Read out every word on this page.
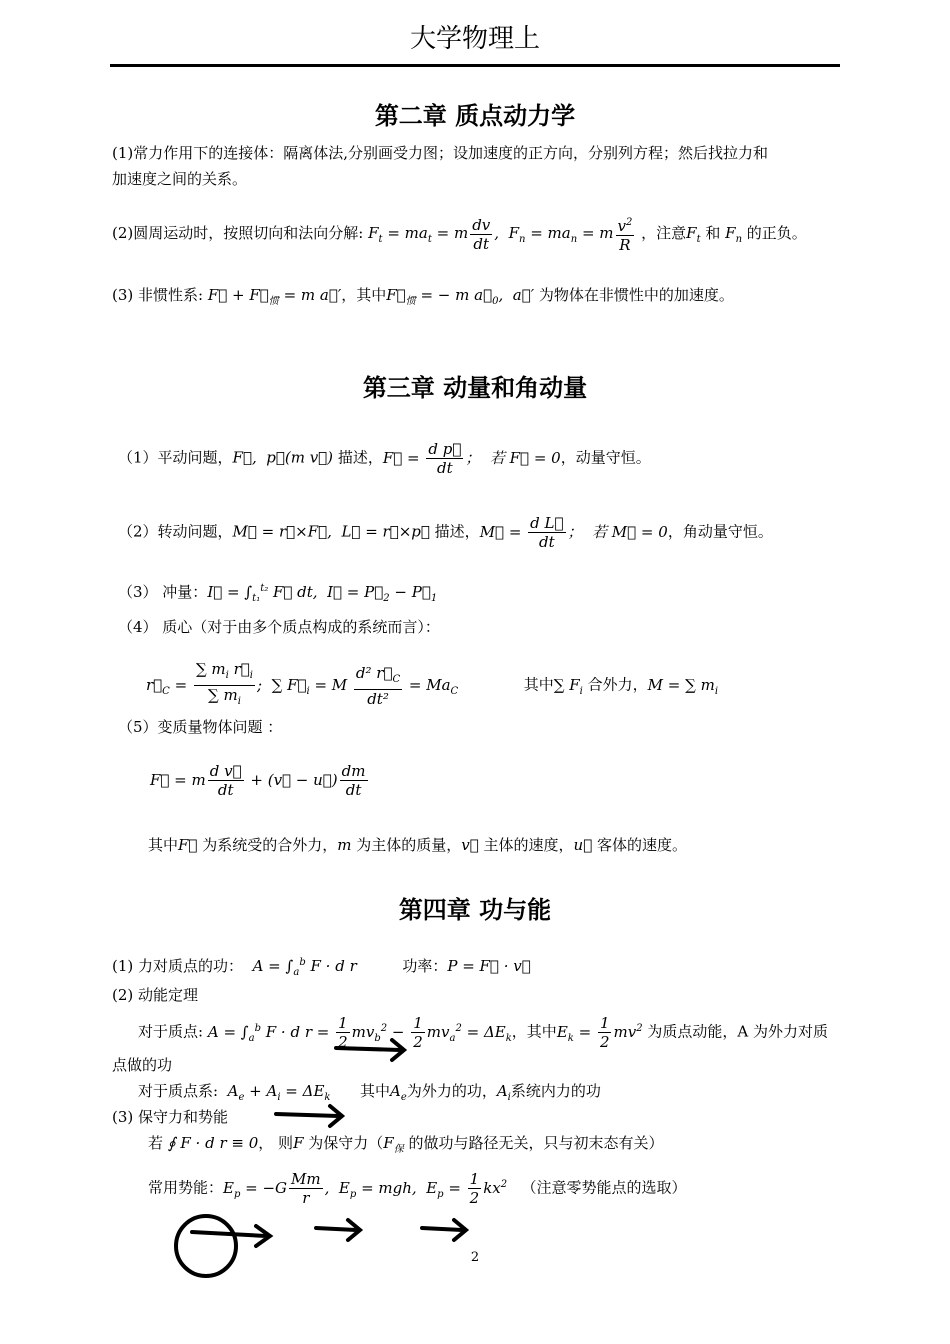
大学物理上
第二章 质点动力学
(1)常力作用下的连接体：隔离体法,分别画受力图；设加速度的正方向，分别列方程；然后找拉力和
加速度之间的关系。
(2)圆周运动时，按照切向和法向分解: $F_t = ma_t = m \frac{dv}{dt}$ ,  $F_n = ma_n = m \frac{v^2}{R}$ ，注意$F_t$ 和 $F_n$ 的正负。
(3) 非惯性系: F⃗ + $F⃗_惯 = m$ a⃗′，其中$F⃗_惯$ = − m $a⃗_0$,  a⃗′ 为物体在非惯性中的加速度。
第三章 动量和角动量
（1）平动问题，F⃗,  p⃗(m v⃗) 描述，F⃗ = $\frac{\text{d p⃗}}{dt}$ ；  若 F⃗ = 0，动量守恒。
（2）转动问题，M⃗ = r⃗×F⃗,  L⃗ = r⃗×p⃗ 描述，M⃗ = $\frac{\text{d L⃗}}{dt}$ ；  若 M⃗ = 0，角动量守恒。
（3） 冲量：I⃗ = $\int_{t_1}^{t_2}$ F⃗ dt,  I⃗ = $P⃗_2$ − $P⃗_1$
（4） 质心（对于由多个质点构成的系统而言）：
$r⃗_C = \frac{\sum m_i r⃗_i}{\sum m_i}$ ;  ∑ $F⃗_i = M \frac{d^2 r⃗_C}{\text{dt²}} = Ma_C$	其中∑ $F_i$ 合外力，M = ∑ $m_i$
（5）变质量物体问题 ：
F⃗ = m $\frac{\text{d v⃗}}{dt}$ + (v⃗ − u⃗) $\frac{dm}{dt}$
其中F⃗ 为系统受的合外力，m 为主体的质量，v⃗ 主体的速度，u⃗ 客体的速度。
第四章 功与能
(1) 力对质点的功： $A = \int_a^b$ F · d r	功率：P = F⃗ · v⃗
(2) 动能定理
对于质点: $A = \int_a^b$ F · d $r = \frac{1}{2} mv_b^2 - \frac{1}{2} mv_a^2 = \Delta E_k$，其中$E_k = \frac{1}{2} mv^2$ 为质点动能，A 为外力对质
点做的功
对于质点系: $A_e + A_i = \Delta E_k$ 其中$A_e$为外力的功，$A_i$系统内力的功
(3) 保守力和势能
若 ∮ F · d r ≡ 0， 则F 为保守力（$F_保$ 的做功与路径无关，只与初末态有关）
常用势能：$E_p = -G \frac{Mm}{r}$ ,  $E_p$ = mgh,  $E_p = \frac{1}{2} kx^2$ （注意零势能点的选取）
2
